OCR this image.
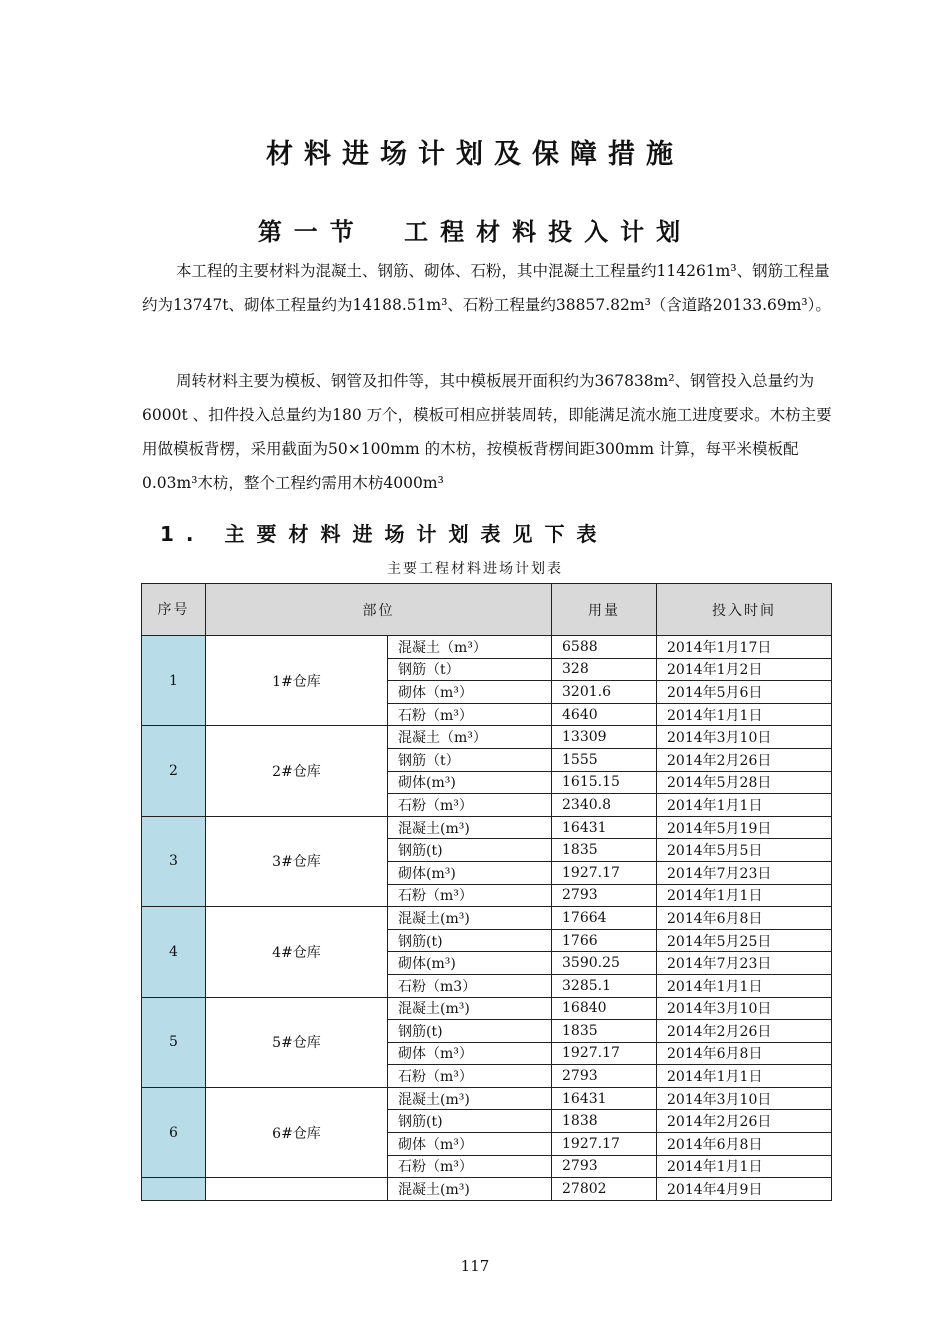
材料进场计划及保障措施
第一节 工程材料投入计划

本工程的主要材料为混凝土、钢筋、砌体、石粉，其中混凝土工程量约114261m³、钢筋工程量约为13747t、砌体工程量约为14188.51m³、石粉工程量约38857.82m³（含道路20133.69m³）。

周转材料主要为模板、钢管及扣件等，其中模板展开面积约为367838m²、钢管投入总量约为6000t 、扣件投入总量约为180 万个，模板可相应拼装周转，即能满足流水施工进度要求。木枋主要用做模板背楞，采用截面为50×100mm 的木枋，按模板背楞间距300mm 计算，每平米模板配0.03m³木枋，整个工程约需用木枋4000m³

1. 主要材料进场计划表见下表
主要工程材料进场计划表
序号	部位		用量	投入时间
1	1#仓库	混凝土（m³）	6588	2014年1月17日
		钢筋（t）	328	2014年1月2日
		砌体（m³）	3201.6	2014年5月6日
		石粉（m³）	4640	2014年1月1日
2	2#仓库	混凝土（m³）	13309	2014年3月10日
		钢筋（t）	1555	2014年2月26日
		砌体(m³)	1615.15	2014年5月28日
		石粉（m³）	2340.8	2014年1月1日
3	3#仓库	混凝土(m³)	16431	2014年5月19日
		钢筋(t)	1835	2014年5月5日
		砌体(m³)	1927.17	2014年7月23日
		石粉（m³）	2793	2014年1月1日
4	4#仓库	混凝土(m³)	17664	2014年6月8日
		钢筋(t)	1766	2014年5月25日
		砌体(m³)	3590.25	2014年7月23日
		石粉（m3）	3285.1	2014年1月1日
5	5#仓库	混凝土(m³)	16840	2014年3月10日
		钢筋(t)	1835	2014年2月26日
		砌体（m³）	1927.17	2014年6月8日
		石粉（m³）	2793	2014年1月1日
6	6#仓库	混凝土(m³)	16431	2014年3月10日
		钢筋(t)	1838	2014年2月26日
		砌体（m³）	1927.17	2014年6月8日
		石粉（m³）	2793	2014年1月1日
		混凝土(m³)	27802	2014年4月9日
117
